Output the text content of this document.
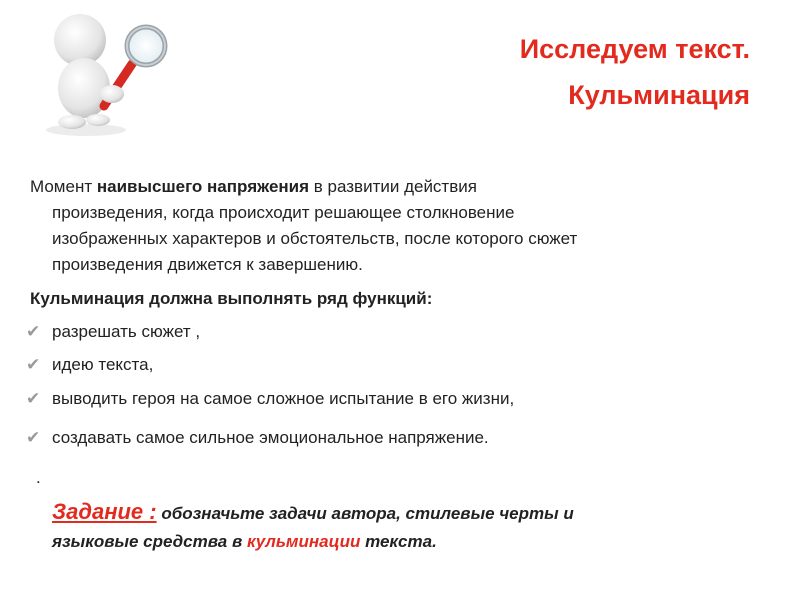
Исследуем текст.
Кульминация
Момент наивысшего напряжения в развитии действия
произведения, когда происходит решающее столкновение
изображенных характеров и обстоятельств, после которого сюжет
произведения движется к завершению.
Кульминация должна выполнять ряд функций:
✔ разрешать сюжет ,
✔ идею текста,
✔ выводить героя на самое сложное испытание в его жизни,
✔ создавать самое сильное эмоциональное напряжение.
.
Задание : обозначьте задачи автора, стилевые черты и
языковые средства в кульминации текста.
